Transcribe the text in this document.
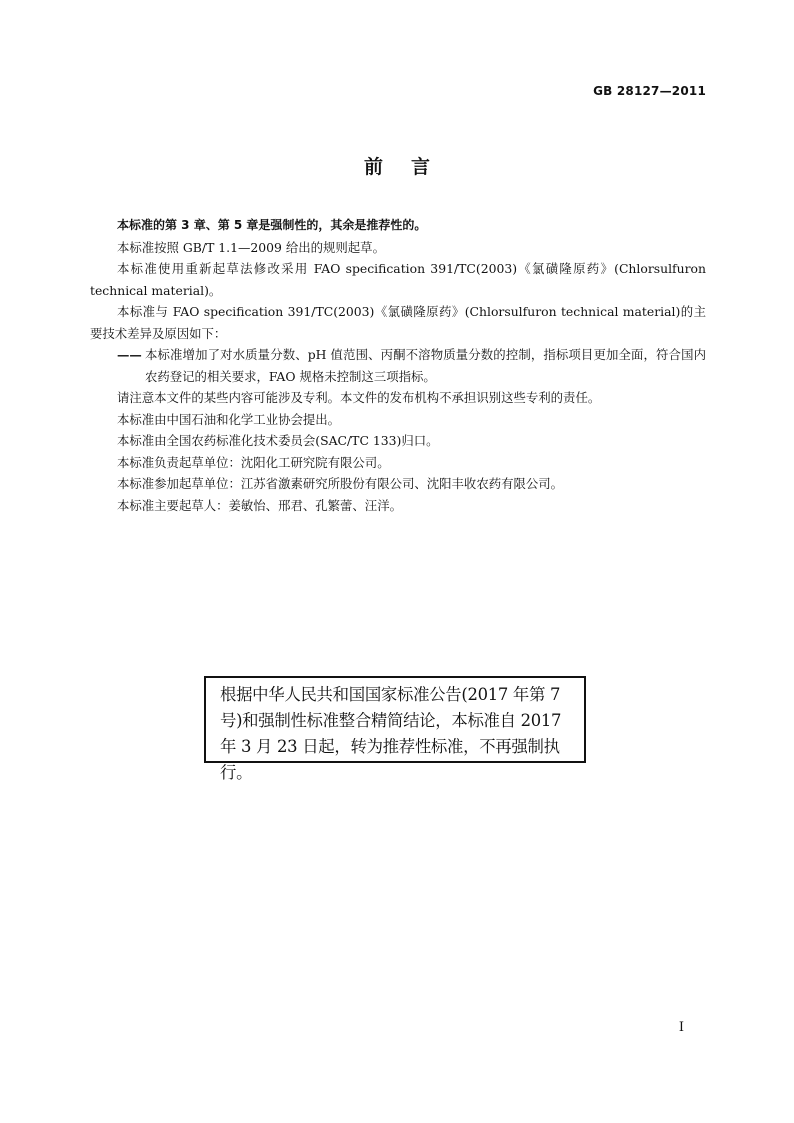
GB 28127—2011
前言

本标准的第 3 章、第 5 章是强制性的，其余是推荐性的。

本标准按照 GB/T 1.1—2009 给出的规则起草。

本标准使用重新起草法修改采用 FAO specification 391/TC(2003)《氯磺隆原药》(Chlorsulfuron technical material)。

本标准与 FAO specification 391/TC(2003)《氯磺隆原药》(Chlorsulfuron technical material)的主要技术差异及原因如下：

—— 本标准增加了对水质量分数、pH 值范围、丙酮不溶物质量分数的控制，指标项目更加全面，符合国内农药登记的相关要求，FAO 规格未控制这三项指标。

请注意本文件的某些内容可能涉及专利。本文件的发布机构不承担识别这些专利的责任。

本标准由中国石油和化学工业协会提出。

本标准由全国农药标准化技术委员会(SAC/TC 133)归口。

本标准负责起草单位：沈阳化工研究院有限公司。

本标准参加起草单位：江苏省激素研究所股份有限公司、沈阳丰收农药有限公司。

本标准主要起草人：姜敏怡、邢君、孔繁蕾、汪洋。

根据中华人民共和国国家标准公告(2017 年第 7 号)和强制性标准整合精简结论，本标准自 2017 年 3 月 23 日起，转为推荐性标准，不再强制执行。
I
